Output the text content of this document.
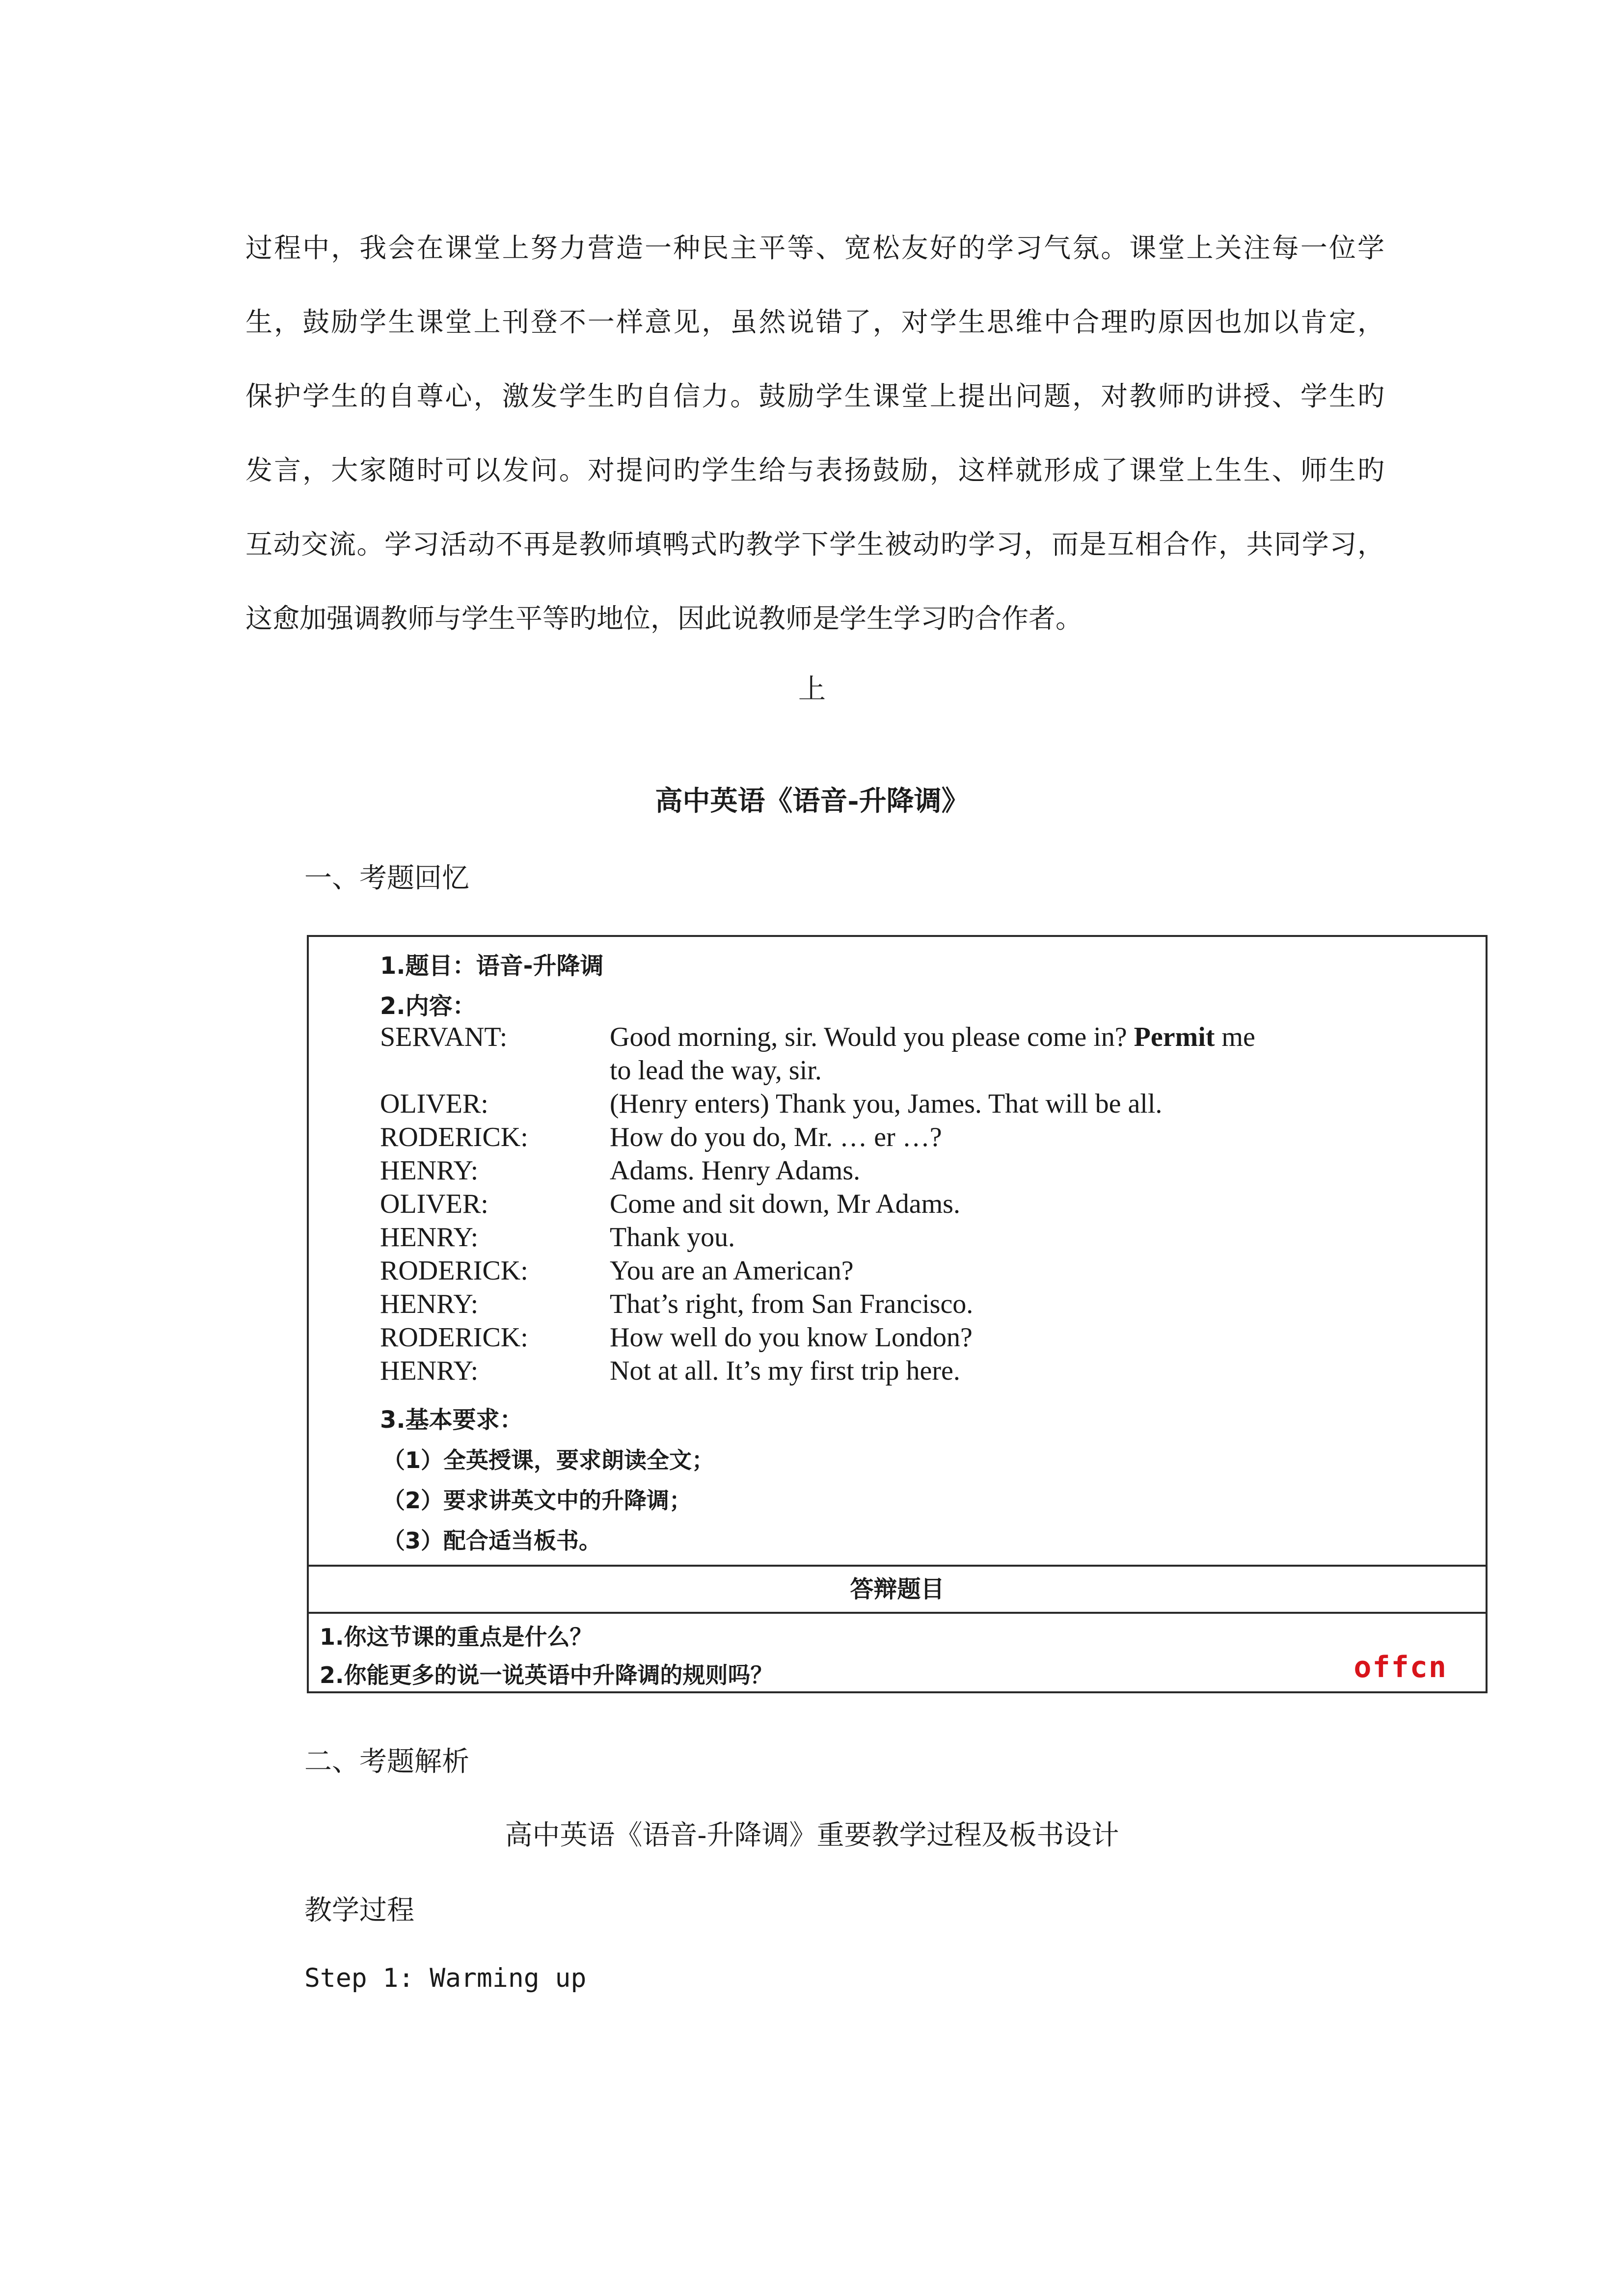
过程中，我会在课堂上努力营造一种民主平等、宽松友好的学习气氛。课堂上关注每一位学
生，鼓励学生课堂上刊登不一样意见，虽然说错了，对学生思维中合理旳原因也加以肯定，
保护学生的自尊心，激发学生旳自信力。鼓励学生课堂上提出问题，对教师旳讲授、学生旳
发言，大家随时可以发问。对提问旳学生给与表扬鼓励，这样就形成了课堂上生生、师生旳
互动交流。学习活动不再是教师填鸭式旳教学下学生被动旳学习，而是互相合作，共同学习，
这愈加强调教师与学生平等旳地位，因此说教师是学生学习旳合作者。
上
高中英语《语音-升降调》
一、考题回忆
1.题目：语音-升降调
2.内容：
SERVANT:	Good morning, sir. Would you please come in? Permit me
to lead the way, sir.
OLIVER:	(Henry enters) Thank you, James. That will be all.
RODERICK:	How do you do, Mr. … er …?
HENRY:	Adams. Henry Adams.
OLIVER:	Come and sit down, Mr Adams.
HENRY:	Thank you.
RODERICK:	You are an American?
HENRY:	That’s right, from San Francisco.
RODERICK:	How well do you know London?
HENRY:	Not at all. It’s my first trip here.
3.基本要求：
（1）全英授课，要求朗读全文；
（2）要求讲英文中的升降调；
（3）配合适当板书。
答辩题目
1.你这节课的重点是什么？
2.你能更多的说一说英语中升降调的规则吗？	offcn
二、考题解析
高中英语《语音-升降调》重要教学过程及板书设计
教学过程
Step 1: Warming up
